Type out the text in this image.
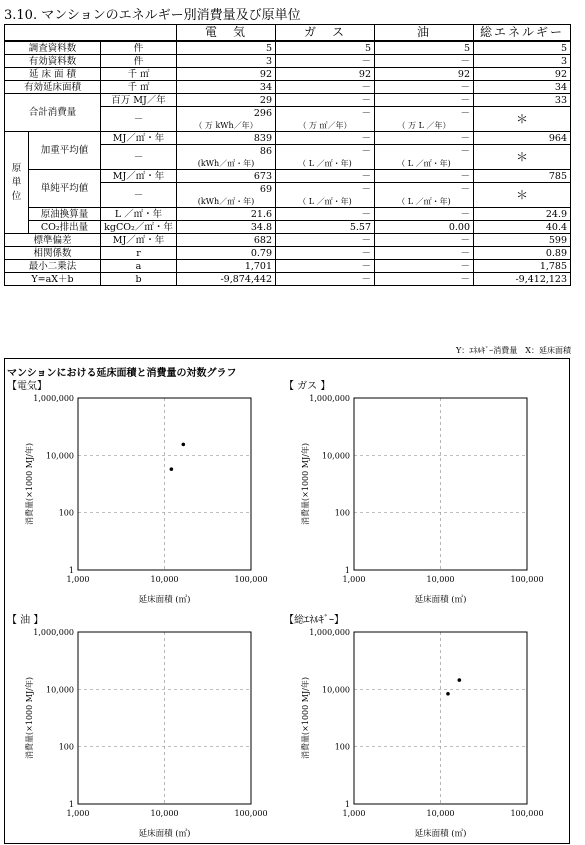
3.10. マンションのエネルギー別消費量及び原単位
			電　気	ガ　ス	油	総エネルギー
調査資料数		件	5	5	5	5
有効資料数		件	3	－	－	3
延 床 面 積		千 ㎡	92	92	92	92
有効延床面積		千 ㎡	34	－	－	34
合計消費量		百万 MJ／年	29	－	－	33
		－	296	－	－	＊
			（ 万 kWh／年）	（ 万 ㎥／年）	（ 万 L ／年）	
原単位	加重平均値	MJ／㎡・年	839	－	－	964
		－	86	－	－	＊
			(kWh／㎡・年)	（ L ／㎡・年)	（ L ／㎡・年)	
	単純平均値	MJ／㎡・年	673	－	－	785
		－	69	－	－	＊
			(kWh／㎡・年)	（ L ／㎡・年)	（ L ／㎡・年)	
	原油換算量	L ／㎡・年	21.6	－	－	24.9
	CO₂排出量	kgCO₂／㎡・年	34.8	5.57	0.00	40.4
標準偏差		MJ／㎡・年	682	－	－	599
相関係数		r	0.79	－	－	0.89
最小二乗法		a	1,701	－	－	1,785
Y=aX＋b		b	-9,874,442	－	－	-9,412,123
Y：ｴﾈﾙｷﾞｰ消費量　X：延床面積
マンションにおける延床面積と消費量の対数グラフ
【電気】	【 ガス 】
【 油 】	【総ｴﾈﾙｷﾞｰ】
1,000	10,000	100,000
1
100
10,000
1,000,000
延床面積 (㎡)
消費量(×1000 MJ/年)
1,000	10,000	100,000
1
100
10,000
1,000,000
延床面積 (㎡)
消費量(×1000 MJ/年)
1,000	10,000	100,000
1
100
10,000
1,000,000
延床面積 (㎡)
消費量(×1000 MJ/年)
1,000	10,000	100,000
1
100
10,000
1,000,000
延床面積 (㎡)
消費量(×1000 MJ/年)
